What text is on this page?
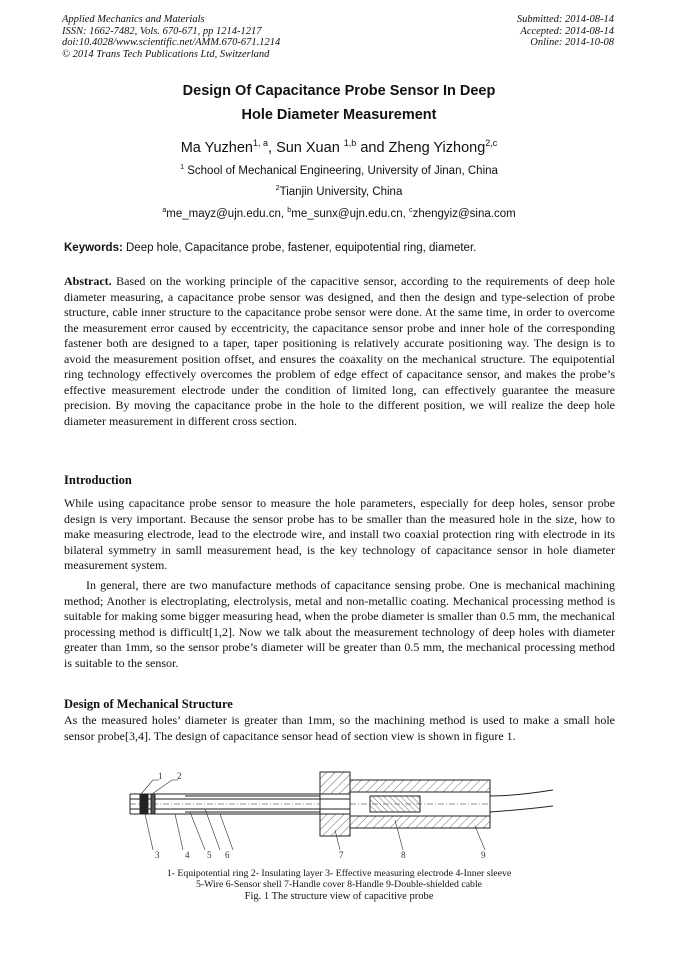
Applied Mechanics and Materials
ISSN: 1662-7482, Vols. 670-671, pp 1214-1217
doi:10.4028/www.scientific.net/AMM.670-671.1214
© 2014 Trans Tech Publications Ltd, Switzerland
Submitted: 2014-08-14
Accepted: 2014-08-14
Online: 2014-10-08
Design Of Capacitance Probe Sensor In Deep
Hole Diameter Measurement
Ma Yuzhen$^{1, a}$, Sun Xuan $^{1,b}$ and Zheng Yizhong$^{2,c}$
$^1$ School of Mechanical Engineering, University of Jinan, China
$^2$Tianjin University, China
$^a$me_mayz@ujn.edu.cn, $^b$me_sunx@ujn.edu.cn, $^c$zhengyiz@sina.com
Keywords: Deep hole, Capacitance probe, fastener, equipotential ring, diameter.
Abstract. Based on the working principle of the capacitive sensor, according to the requirements of deep hole diameter measuring, a capacitance probe sensor was designed, and then the design and type-selection of probe structure, cable inner structure to the capacitance probe sensor were done. At the same time, in order to overcome the measurement error caused by eccentricity, the capacitance sensor probe and inner hole of the corresponding fastener both are designed to a taper, taper positioning is relatively accurate positioning way. The design is to avoid the measurement position offset, and ensures the coaxality on the mechanical structure. The equipotential ring technology effectively overcomes the problem of edge effect of capacitance sensor, and makes the probe’s effective measurement electrode under the condition of limited long, can effectively guarantee the measure precision. By moving the capacitance probe in the hole to the different position, we will realize the deep hole diameter measurement in different cross section.
Introduction
While using capacitance probe sensor to measure the hole parameters, especially for deep holes, sensor probe design is very important. Because the sensor probe has to be smaller than the measured hole in the size, how to make measuring electrode, lead to the electrode wire, and install two coaxial protection ring with electrode in its bilateral symmetry in samll measurement head, is the key technology of capacitance sensor in hole diameter measurement system.
In general, there are two manufacture methods of capacitance sensing probe. One is mechanical machining method; Another is electroplating, electrolysis, metal and non-metallic coating. Mechanical processing method is suitable for making some bigger measuring head, when the probe diameter is smaller than 0.5 mm, the mechanical processing method is difficult[1,2]. Now we talk about the measurement technology of deep holes with diameter greater than 1mm, so the sensor probe’s diameter will be greater than 0.5 mm, the mechanical processing method is suitable to the sensor.
Design of Mechanical Structure
As the measured holes’ diameter is greater than 1mm, so the machining method is used to make a small hole sensor probe[3,4]. The design of capacitance sensor head of section view is shown in figure 1.
1 2
3	4 5 6	7	8	9
1- Equipotential ring 2- Insulating layer 3- Effective measuring electrode 4-Inner sleeve
5-Wire 6-Sensor shell 7-Handle cover 8-Handle 9-Double-shielded cable
Fig. 1 The structure view of capacitive probe
